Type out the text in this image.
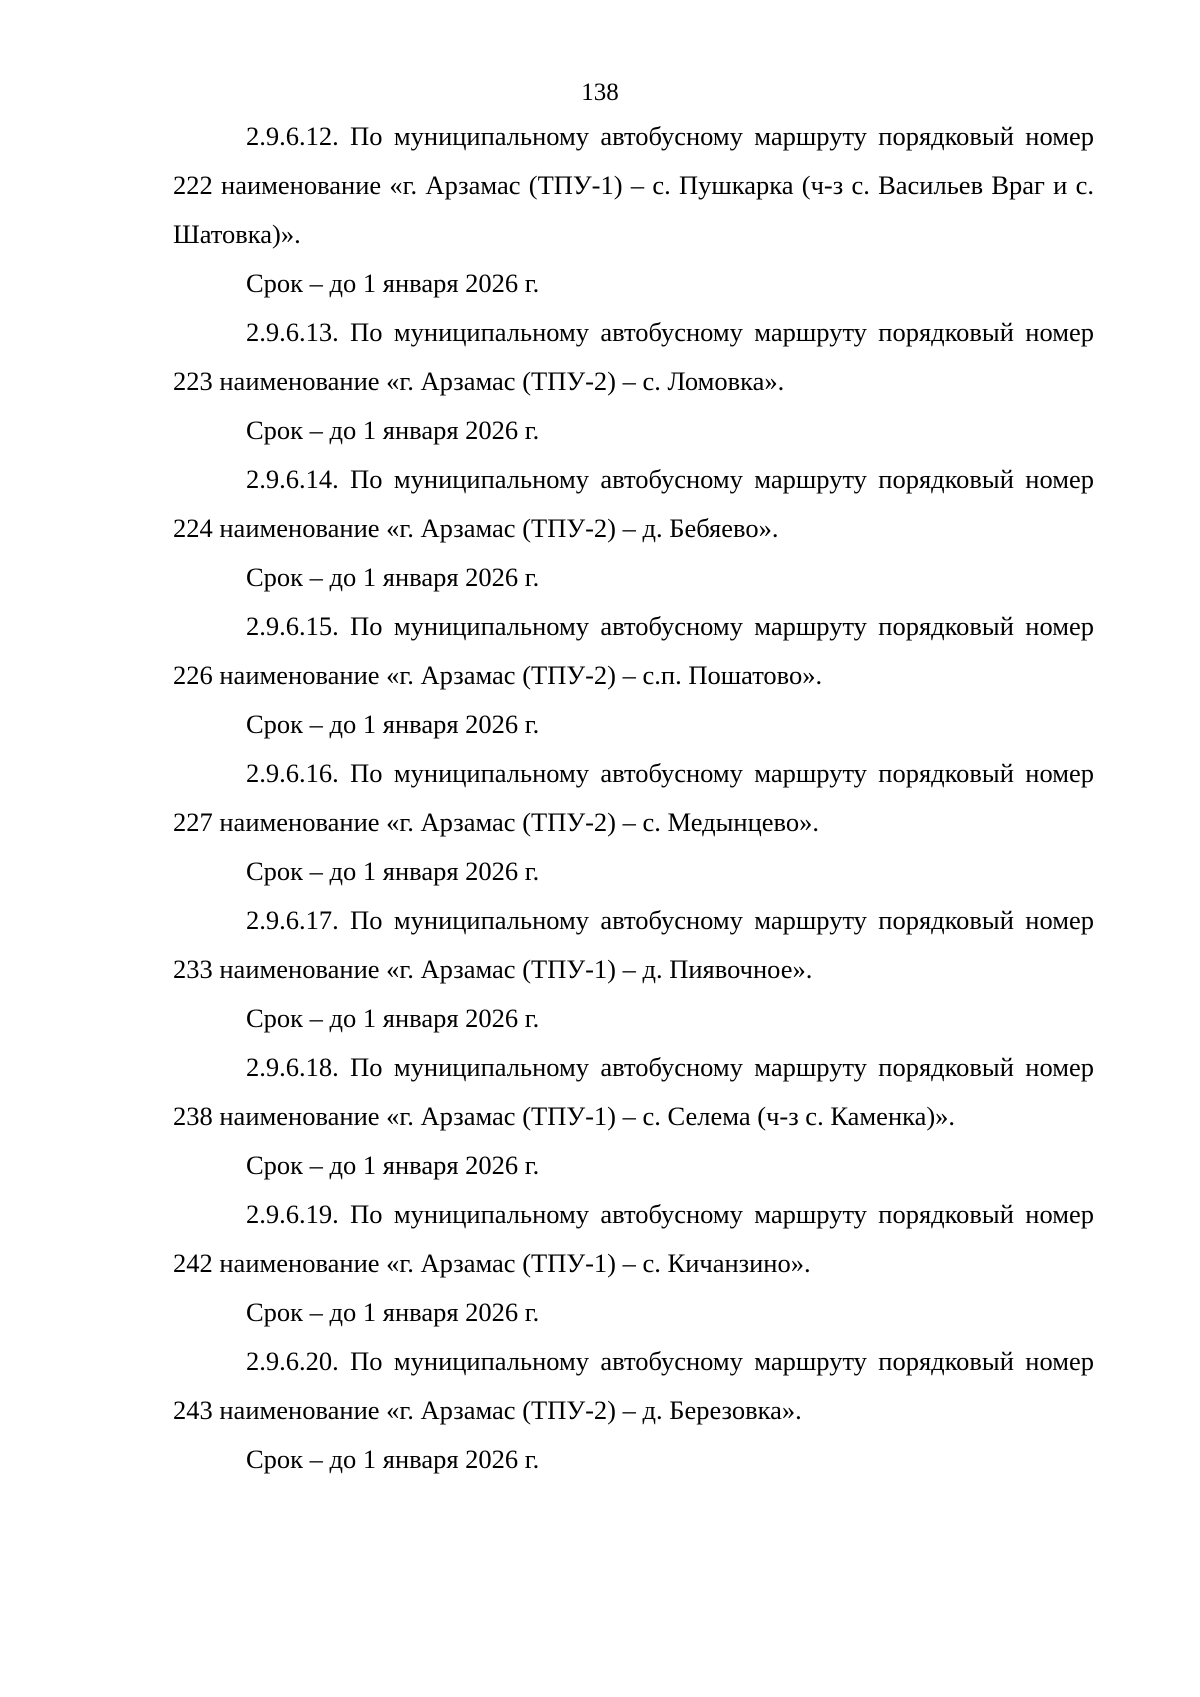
138

2.9.6.12. По муниципальному автобусному маршруту порядковый номер 222 наименование «г. Арзамас (ТПУ-1) – с. Пушкарка (ч-з с. Васильев Враг и с. Шатовка)».

Срок – до 1 января 2026 г.

2.9.6.13. По муниципальному автобусному маршруту порядковый номер 223 наименование «г. Арзамас (ТПУ-2) – с. Ломовка».

Срок – до 1 января 2026 г.

2.9.6.14. По муниципальному автобусному маршруту порядковый номер 224 наименование «г. Арзамас (ТПУ-2) – д. Бебяево».

Срок – до 1 января 2026 г.

2.9.6.15. По муниципальному автобусному маршруту порядковый номер 226 наименование «г. Арзамас (ТПУ-2) – с.п. Пошатово».

Срок – до 1 января 2026 г.

2.9.6.16. По муниципальному автобусному маршруту порядковый номер 227 наименование «г. Арзамас (ТПУ-2) – с. Медынцево».

Срок – до 1 января 2026 г.

2.9.6.17. По муниципальному автобусному маршруту порядковый номер 233 наименование «г. Арзамас (ТПУ-1) – д. Пиявочное».

Срок – до 1 января 2026 г.

2.9.6.18. По муниципальному автобусному маршруту порядковый номер 238 наименование «г. Арзамас (ТПУ-1) – с. Селема (ч-з с. Каменка)».

Срок – до 1 января 2026 г.

2.9.6.19. По муниципальному автобусному маршруту порядковый номер 242 наименование «г. Арзамас (ТПУ-1) – с. Кичанзино».

Срок – до 1 января 2026 г.

2.9.6.20. По муниципальному автобусному маршруту порядковый номер 243 наименование «г. Арзамас (ТПУ-2) – д. Березовка».

Срок – до 1 января 2026 г.
